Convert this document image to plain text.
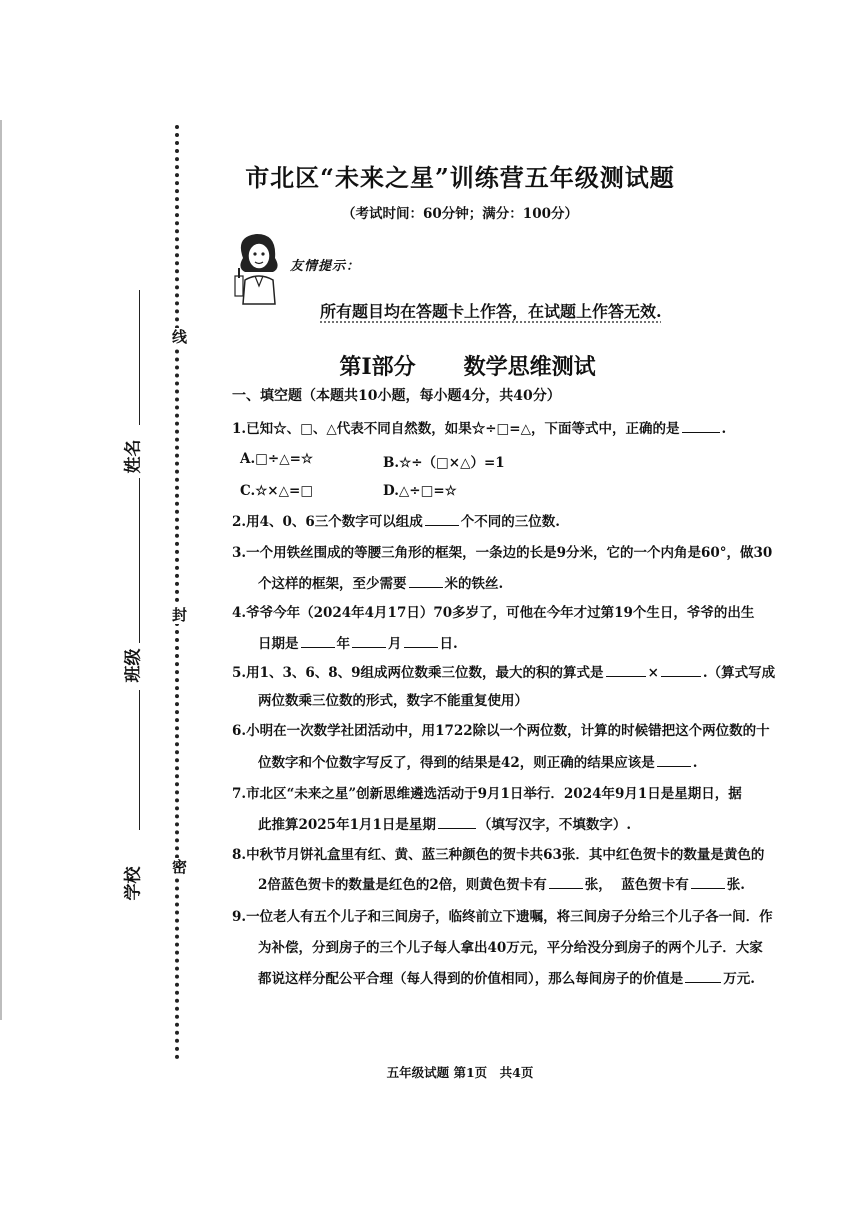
线
封
密
姓名
班级
学校
市北区“未来之星”训练营五年级测试题
（考试时间：60分钟；满分：100分）
友情提示：
所有题目均在答题卡上作答，在试题上作答无效.
第Ⅰ部分 数学思维测试
一、填空题（本题共10小题，每小题4分，共40分）
1.已知☆、□、△代表不同自然数，如果☆÷□=△，下面等式中，正确的是	.
A.□÷△=☆	B.☆÷（□×△）=1
C.☆×△=□	D.△÷□=☆
2.用4、0、6三个数字可以组成	个不同的三位数.
3.一个用铁丝围成的等腰三角形的框架，一条边的长是9分米，它的一个内角是60°，做30
个这样的框架，至少需要	米的铁丝.
4.爷爷今年（2024年4月17日）70多岁了，可他在今年才过第19个生日，爷爷的出生
日期是	年	月	日.
5.用1、3、6、8、9组成两位数乘三位数，最大的积的算式是	×	.（算式写成
两位数乘三位数的形式，数字不能重复使用）
6.小明在一次数学社团活动中，用1722除以一个两位数，计算的时候错把这个两位数的十
位数字和个位数字写反了，得到的结果是42，则正确的结果应该是	.
7.市北区“未来之星”创新思维遴选活动于9月1日举行．2024年9月1日是星期日，据
此推算2025年1月1日是星期	（填写汉字，不填数字）.
8.中秋节月饼礼盒里有红、黄、蓝三种颜色的贺卡共63张．其中红色贺卡的数量是黄色的
2倍蓝色贺卡的数量是红色的2倍，则黄色贺卡有	张， 蓝色贺卡有	张.
9.一位老人有五个儿子和三间房子，临终前立下遗嘱，将三间房子分给三个儿子各一间．作
为补偿，分到房子的三个儿子每人拿出40万元，平分给没分到房子的两个儿子．大家
都说这样分配公平合理（每人得到的价值相同），那么每间房子的价值是	万元.
五年级试题 第1页　共4页
